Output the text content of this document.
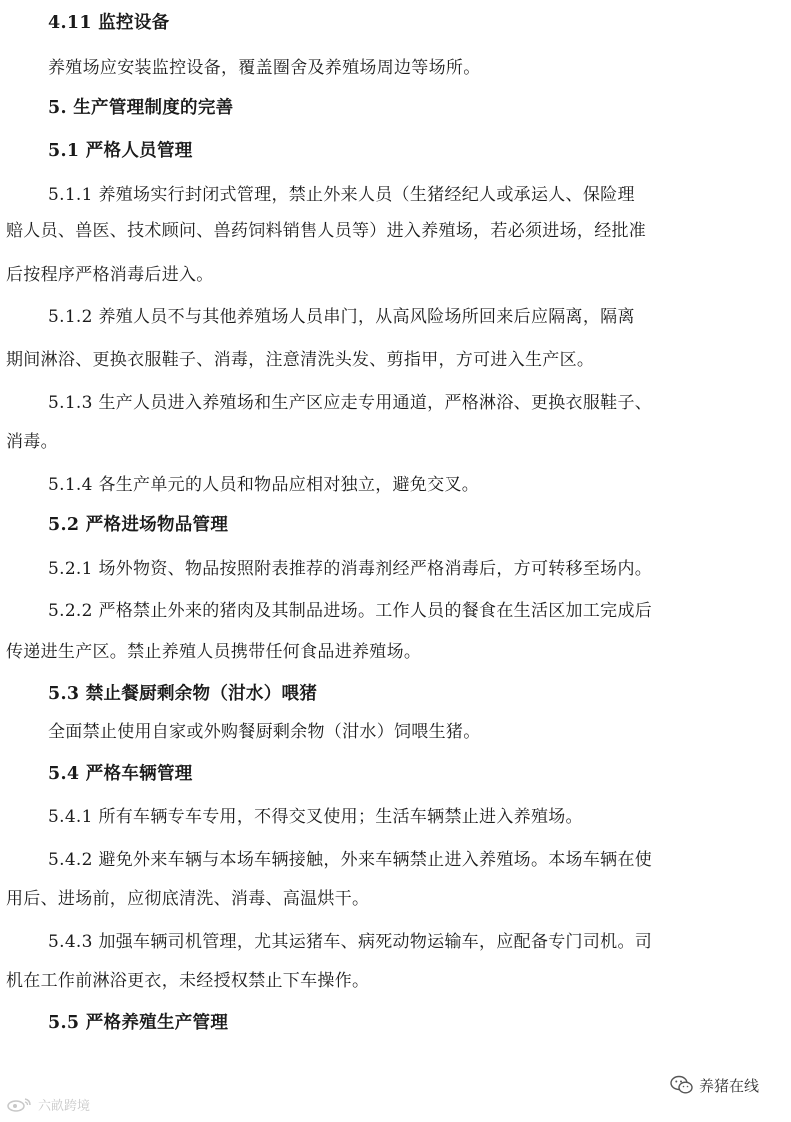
4.11 监控设备
养殖场应安装监控设备，覆盖圈舍及养殖场周边等场所。
5. 生产管理制度的完善
5.1 严格人员管理
5.1.1 养殖场实行封闭式管理，禁止外来人员（生猪经纪人或承运人、保险理
赔人员、兽医、技术顾问、兽药饲料销售人员等）进入养殖场，若必须进场，经批准
后按程序严格消毒后进入。
5.1.2 养殖人员不与其他养殖场人员串门，从高风险场所回来后应隔离，隔离
期间淋浴、更换衣服鞋子、消毒，注意清洗头发、剪指甲，方可进入生产区。
5.1.3 生产人员进入养殖场和生产区应走专用通道，严格淋浴、更换衣服鞋子、
消毒。
5.1.4 各生产单元的人员和物品应相对独立，避免交叉。
5.2 严格进场物品管理
5.2.1 场外物资、物品按照附表推荐的消毒剂经严格消毒后，方可转移至场内。
5.2.2 严格禁止外来的猪肉及其制品进场。工作人员的餐食在生活区加工完成后
传递进生产区。禁止养殖人员携带任何食品进养殖场。
5.3 禁止餐厨剩余物（泔水）喂猪
全面禁止使用自家或外购餐厨剩余物（泔水）饲喂生猪。
5.4 严格车辆管理
5.4.1 所有车辆专车专用，不得交叉使用；生活车辆禁止进入养殖场。
5.4.2 避免外来车辆与本场车辆接触，外来车辆禁止进入养殖场。本场车辆在使
用后、进场前，应彻底清洗、消毒、高温烘干。
5.4.3 加强车辆司机管理，尤其运猪车、病死动物运输车，应配备专门司机。司
机在工作前淋浴更衣，未经授权禁止下车操作。
5.5 严格养殖生产管理
养猪在线
六畝跨境
